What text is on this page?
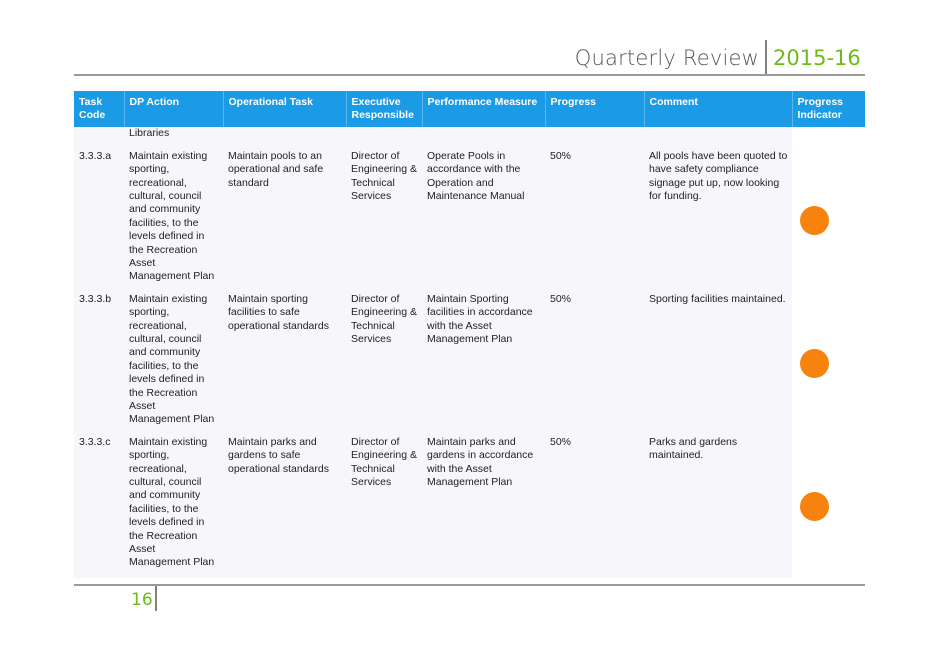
Quarterly Review 2015-16
Task Code	DP Action	Operational Task	Executive Responsible	Performance Measure	Progress	Comment	Progress Indicator
	Libraries						
3.3.3.a	Maintain existing sporting, recreational, cultural, council and community facilities, to the levels defined in the Recreation Asset Management Plan	Maintain pools to an operational and safe standard	Director of Engineering & Technical Services	Operate Pools in accordance with the Operation and Maintenance Manual	50%	All pools have been quoted to have safety compliance signage put up, now looking for funding.	

3.3.3.b	Maintain existing sporting, recreational, cultural, council and community facilities, to the levels defined in the Recreation Asset Management Plan	Maintain sporting facilities to safe operational standards	Director of Engineering & Technical Services	Maintain Sporting facilities in accordance with the Asset Management Plan	50%	Sporting facilities maintained.	

3.3.3.c	Maintain existing sporting, recreational, cultural, council and community facilities, to the levels defined in the Recreation Asset Management Plan	Maintain parks and gardens to safe operational standards	Director of Engineering & Technical Services	Maintain parks and gardens in accordance with the Asset Management Plan	50%	Parks and gardens maintained.	
16
